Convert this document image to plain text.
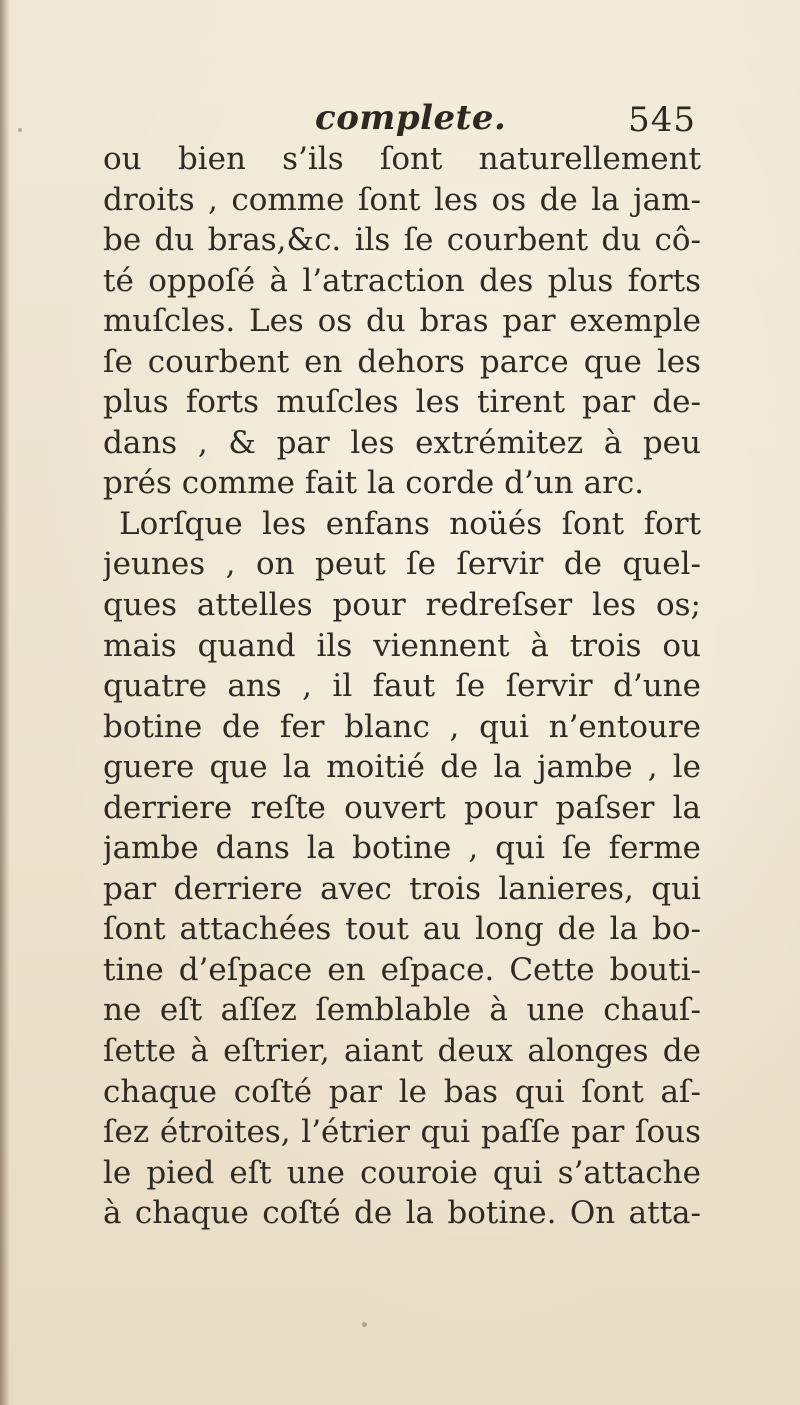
complete.	545
ou bien s’ils ſont naturellement
droits , comme ſont les os de la jam-
be du bras,&c. ils ſe courbent du cô-
té oppoſé à l’atraction des plus forts
muſcles. Les os du bras par exemple
ſe courbent en dehors parce que les
plus forts muſcles les tirent par de-
dans , & par les extrémitez à peu
prés comme fait la corde d’un arc.
Lorſque les enfans noüés ſont fort
jeunes , on peut ſe ſervir de quel-
ques attelles pour redreſser les os;
mais quand ils viennent à trois ou
quatre ans , il faut ſe ſervir d’une
botine de fer blanc , qui n’entoure
guere que la moitié de la jambe , le
derriere reſte ouvert pour paſser la
jambe dans la botine , qui ſe ferme
par derriere avec trois lanieres, qui
ſont attachées tout au long de la bo-
tine d’eſpace en eſpace. Cette bouti-
ne eſt aſſez ſemblable à une chauſ-
ſette à eſtrier, aiant deux alonges de
chaque coſté par le bas qui ſont aſ-
ſez étroites, l’étrier qui paſſe par ſous
le pied eſt une couroie qui s’attache
à chaque coſté de la botine. On atta-
